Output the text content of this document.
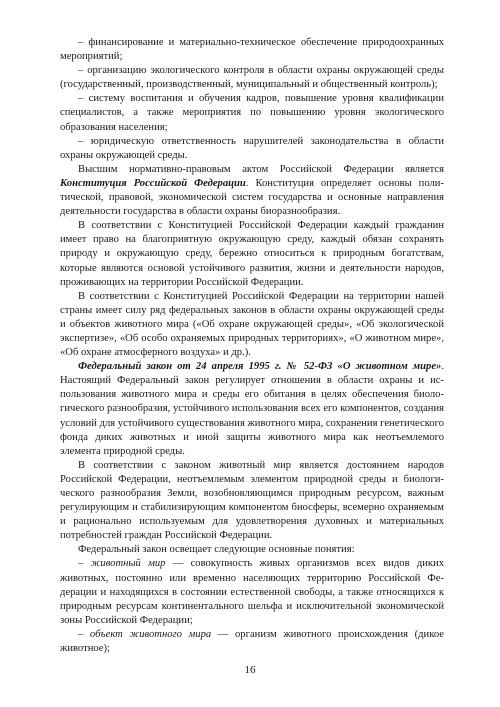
– финансирование и материально-техническое обеспечение природоохранных мероприятий;

– организацию экологического контроля в области охраны окружающей среды (государственный, производственный, муниципальный и общественный контроль);

– систему воспитания и обучения кадров, повышение уровня квалификации специалистов, а также мероприятия по повышению уровня экологического образования населения;

– юридическую ответственность нарушителей законодательства в области охраны окружающей среды.

Высшим нормативно-правовым актом Российской Федерации является Конституция Российской Федерации. Конституция определяет основы политической, правовой, экономической систем государства и основные направления деятельности государства в области охраны биоразнообразия.

В соответствии с Конституцией Российской Федерации каждый гражданин имеет право на благоприятную окружающую среду, каждый обязан сохранять природу и окружающую среду, бережно относиться к природным богатствам, которые являются основой устойчивого развития, жизни и деятельности народов, проживающих на территории Российской Федерации.

В соответствии с Конституцией Российской Федерации на территории нашей страны имеет силу ряд федеральных законов в области охраны окружающей среды и объектов животного мира («Об охране окружающей среды», «Об экологической экспертизе», «Об особо охраняемых природных территориях», «О животном мире», «Об охране атмосферного воздуха» и др.).

Федеральный закон от 24 апреля 1995 г. № 52-ФЗ «О животном мире». Настоящий Федеральный закон регулирует отношения в области охраны и использования животного мира и среды его обитания в целях обеспечения биологического разнообразия, устойчивого использования всех его компонентов, создания условий для устойчивого существования животного мира, сохранения генетического фонда диких животных и иной защиты животного мира как неотъемлемого элемента природной среды.

В соответствии с законом животный мир является достоянием народов Российской Федерации, неотъемлемым элементом природной среды и биологического разнообразия Земли, возобновляющимся природным ресурсом, важным регулирующим и стабилизирующим компонентом биосферы, всемерно охраняемым и рационально используемым для удовлетворения духовных и материальных потребностей граждан Российской Федерации.

Федеральный закон освещает следующие основные понятия:

– животный мир — совокупность живых организмов всех видов диких животных, постоянно или временно населяющих территорию Российской Федерации и находящихся в состоянии естественной свободы, а также относящихся к природным ресурсам континентального шельфа и исключительной экономической зоны Российской Федерации;

– объект животного мира — организм животного происхождения (дикое животное);

16
